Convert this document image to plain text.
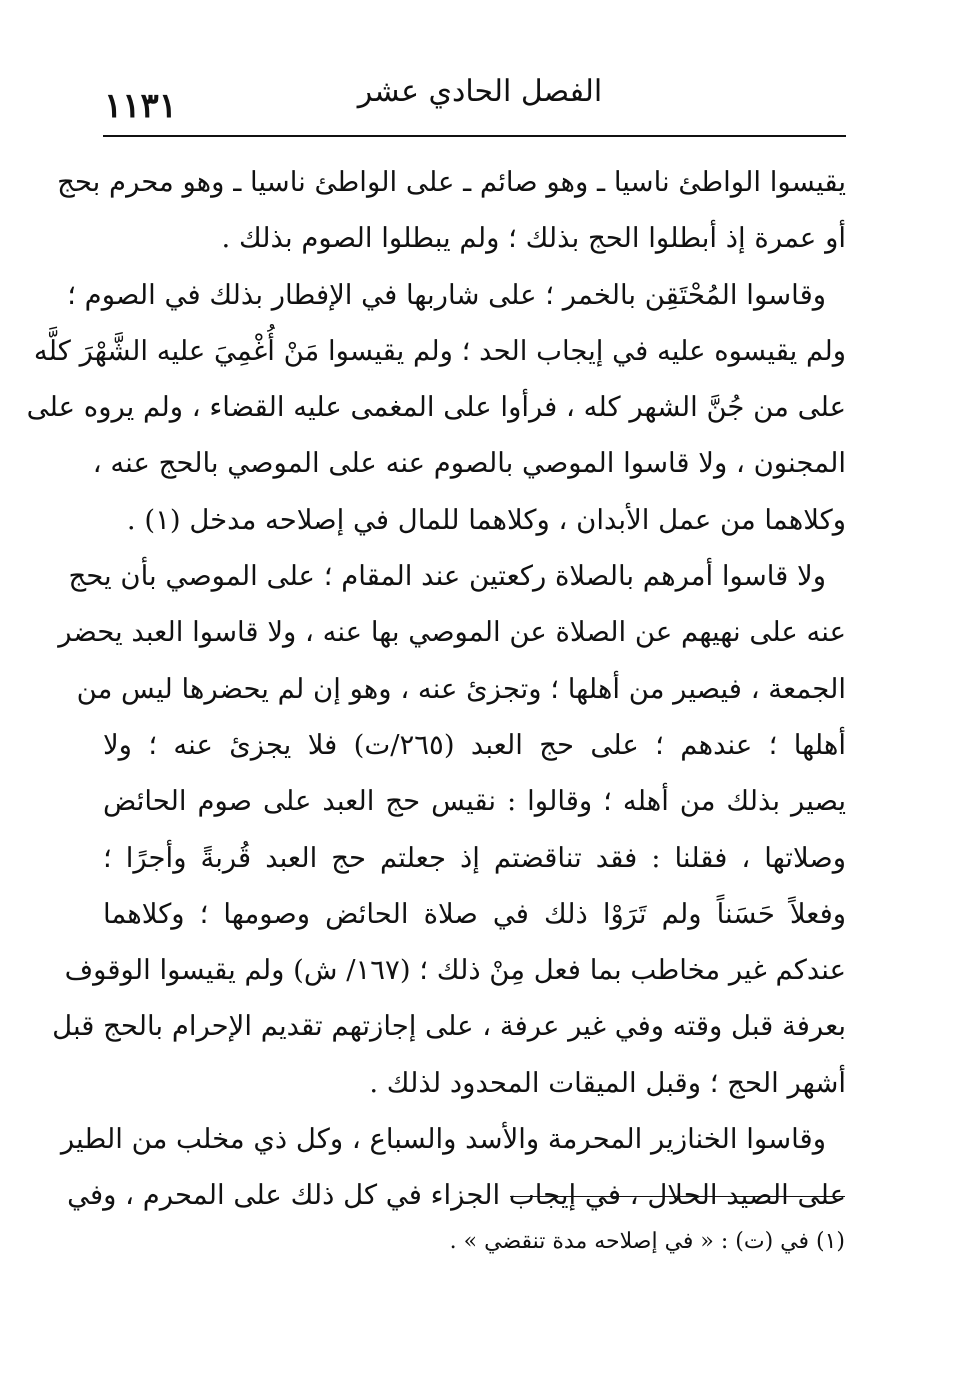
١١٣١	الفصل الحادي عشر
يقيسوا الواطئ ناسيا ـ وهو صائم ـ على الواطئ ناسيا ـ وهو محرم بحج
أو عمرة إذ أبطلوا الحج بذلك ؛ ولم يبطلوا الصوم بذلك .
وقاسوا المُحْتَقِن بالخمر ؛ على شاربها في الإفطار بذلك في الصوم ؛
ولم يقيسوه عليه في إيجاب الحد ؛ ولم يقيسوا مَنْ أُغْمِيَ عليه الشَّهْرَ كلَّه
على من جُنَّ الشهر كله ، فرأوا على المغمى عليه القضاء ، ولم يروه على
المجنون ، ولا قاسوا الموصي بالصوم عنه على الموصي بالحج عنه ،
وكلاهما من عمل الأبدان ، وكلاهما للمال في إصلاحه مدخل (١) .
ولا قاسوا أمرهم بالصلاة ركعتين عند المقام ؛ على الموصي بأن يحج
عنه على نهيهم عن الصلاة عن الموصي بها عنه ، ولا قاسوا العبد يحضر
الجمعة ، فيصير من أهلها ؛ وتجزئ عنه ، وهو إن لم يحضرها ليس من
أهلها ؛ عندهم ؛ على حج العبد (٢٦٥/ت) فلا يجزئ عنه ؛ ولا
يصير بذلك من أهله ؛ وقالوا : نقيس حج العبد على صوم الحائض
وصلاتها ، فقلنا : فقد تناقضتم إذ جعلتم حج العبد قُربةً وأجرًا ؛
وفعلاً حَسَناً ولم تَرَوْا ذلك في صلاة الحائض وصومها ؛ وكلاهما
عندكم غير مخاطب بما فعل مِنْ ذلك ؛ (١٦٧/ ش) ولم يقيسوا الوقوف
بعرفة قبل وقته وفي غير عرفة ، على إجازتهم تقديم الإحرام بالحج قبل
أشهر الحج ؛ وقبل الميقات المحدود لذلك .
وقاسوا الخنازير المحرمة والأسد والسباع ، وكل ذي مخلب من الطير
على الصيد الحلال ، في إيجاب الجزاء في كل ذلك على المحرم ، وفي
(١) في (ت) : « في إصلاحه مدة تنقضي » .
